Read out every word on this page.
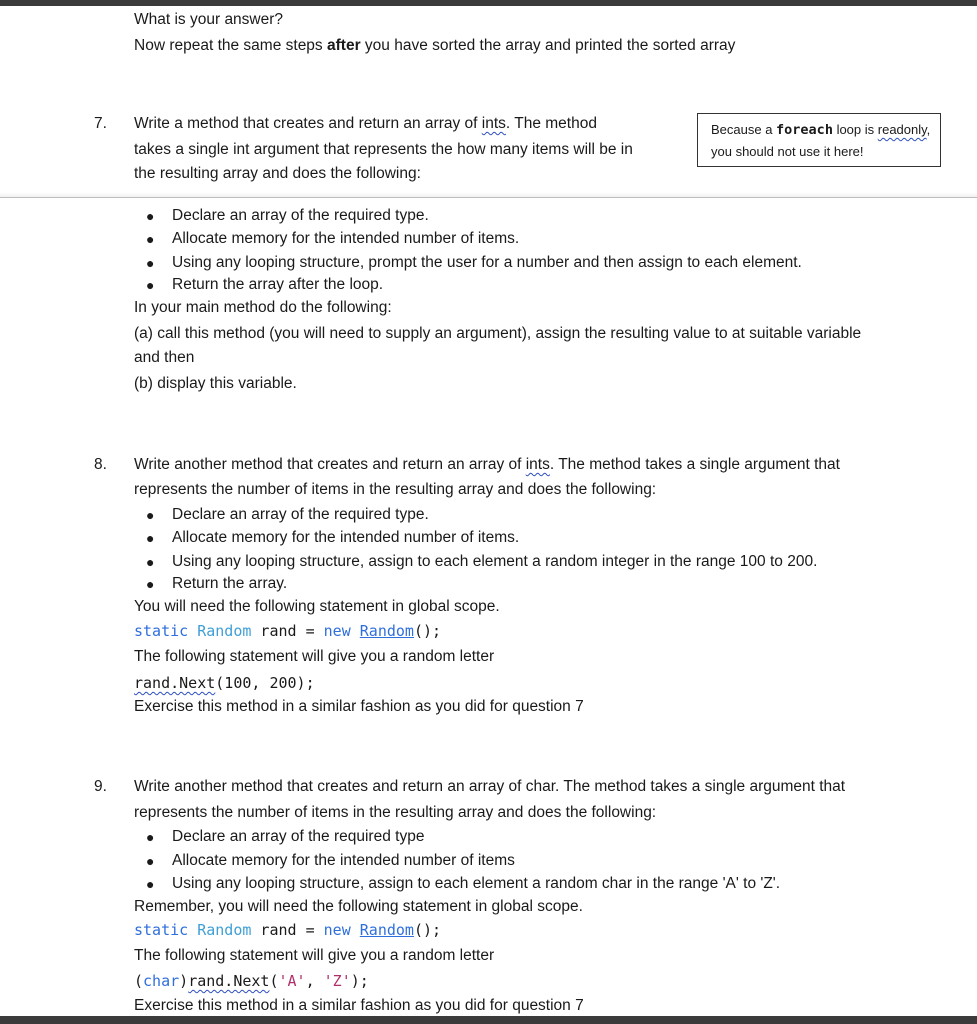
What is your answer?
Now repeat the same steps after you have sorted the array and printed the sorted array
7. Write a method that creates and return an array of ints. The method
takes a single int argument that represents the how many items will be in
the resulting array and does the following:
Because a foreach loop is readonly,
you should not use it here!
● Declare an array of the required type.
● Allocate memory for the intended number of items.
● Using any looping structure, prompt the user for a number and then assign to each element.
● Return the array after the loop.
In your main method do the following:
(a) call this method (you will need to supply an argument), assign the resulting value to at suitable variable
and then
(b) display this variable.
8. Write another method that creates and return an array of ints. The method takes a single argument that
represents the number of items in the resulting array and does the following:
● Declare an array of the required type.
● Allocate memory for the intended number of items.
● Using any looping structure, assign to each element a random integer in the range 100 to 200.
● Return the array.
You will need the following statement in global scope.
static Random rand = new Random();
The following statement will give you a random letter
rand.Next(100, 200);
Exercise this method in a similar fashion as you did for question 7
9. Write another method that creates and return an array of char. The method takes a single argument that
represents the number of items in the resulting array and does the following:
● Declare an array of the required type
● Allocate memory for the intended number of items
● Using any looping structure, assign to each element a random char in the range 'A' to 'Z'.
Remember, you will need the following statement in global scope.
static Random rand = new Random();
The following statement will give you a random letter
(char)rand.Next('A', 'Z');
Exercise this method in a similar fashion as you did for question 7
